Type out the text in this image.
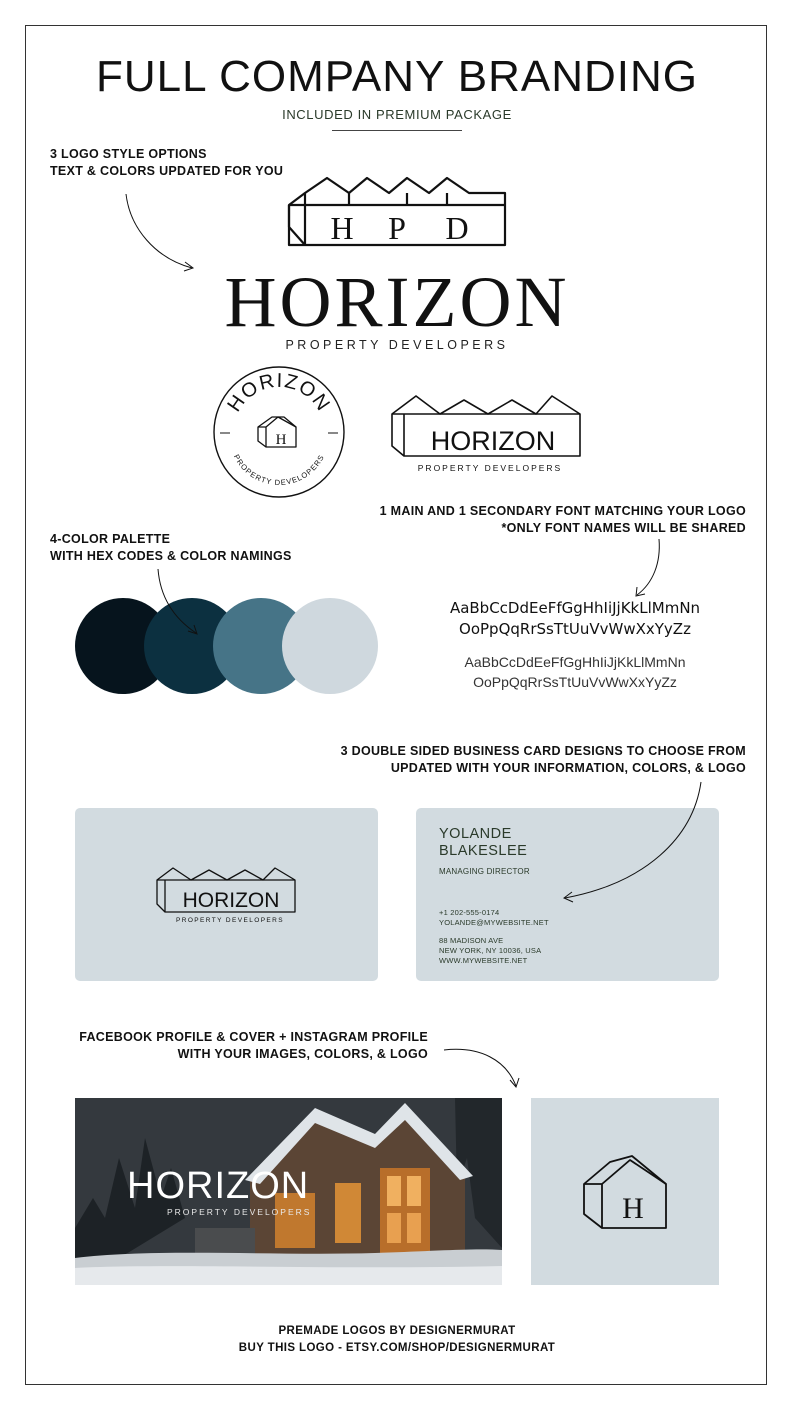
FULL COMPANY BRANDING
INCLUDED IN PREMIUM PACKAGE
3 LOGO STYLE OPTIONS
TEXT & COLORS UPDATED FOR YOU
H P D
HORIZON
PROPERTY DEVELOPERS
HORIZON
PROPERTY DEVELOPERS
H	HORIZON
PROPERTY DEVELOPERS
1 MAIN AND 1 SECONDARY FONT MATCHING YOUR LOGO
*ONLY FONT NAMES WILL BE SHARED
4-COLOR PALETTE
WITH HEX CODES & COLOR NAMINGS
AaBbCcDdEeFfGgHhIiJjKkLlMmNn
OoPpQqRrSsTtUuVvWwXxYyZz
AaBbCcDdEeFfGgHhIiJjKkLlMmNn
OoPpQqRrSsTtUuVvWwXxYyZz
3 DOUBLE SIDED BUSINESS CARD DESIGNS TO CHOOSE FROM
UPDATED WITH YOUR INFORMATION, COLORS, & LOGO
HORIZON
PROPERTY DEVELOPERS
YOLANDE
BLAKESLEE
MANAGING DIRECTOR
+1 202-555-0174
YOLANDE@MYWEBSITE.NET
88 MADISON AVE
NEW YORK, NY 10036, USA
WWW.MYWEBSITE.NET
FACEBOOK PROFILE & COVER + INSTAGRAM PROFILE
WITH YOUR IMAGES, COLORS, & LOGO
HORIZON
PROPERTY DEVELOPERS	H
PREMADE LOGOS BY DESIGNERMURAT
BUY THIS LOGO - ETSY.COM/SHOP/DESIGNERMURAT
